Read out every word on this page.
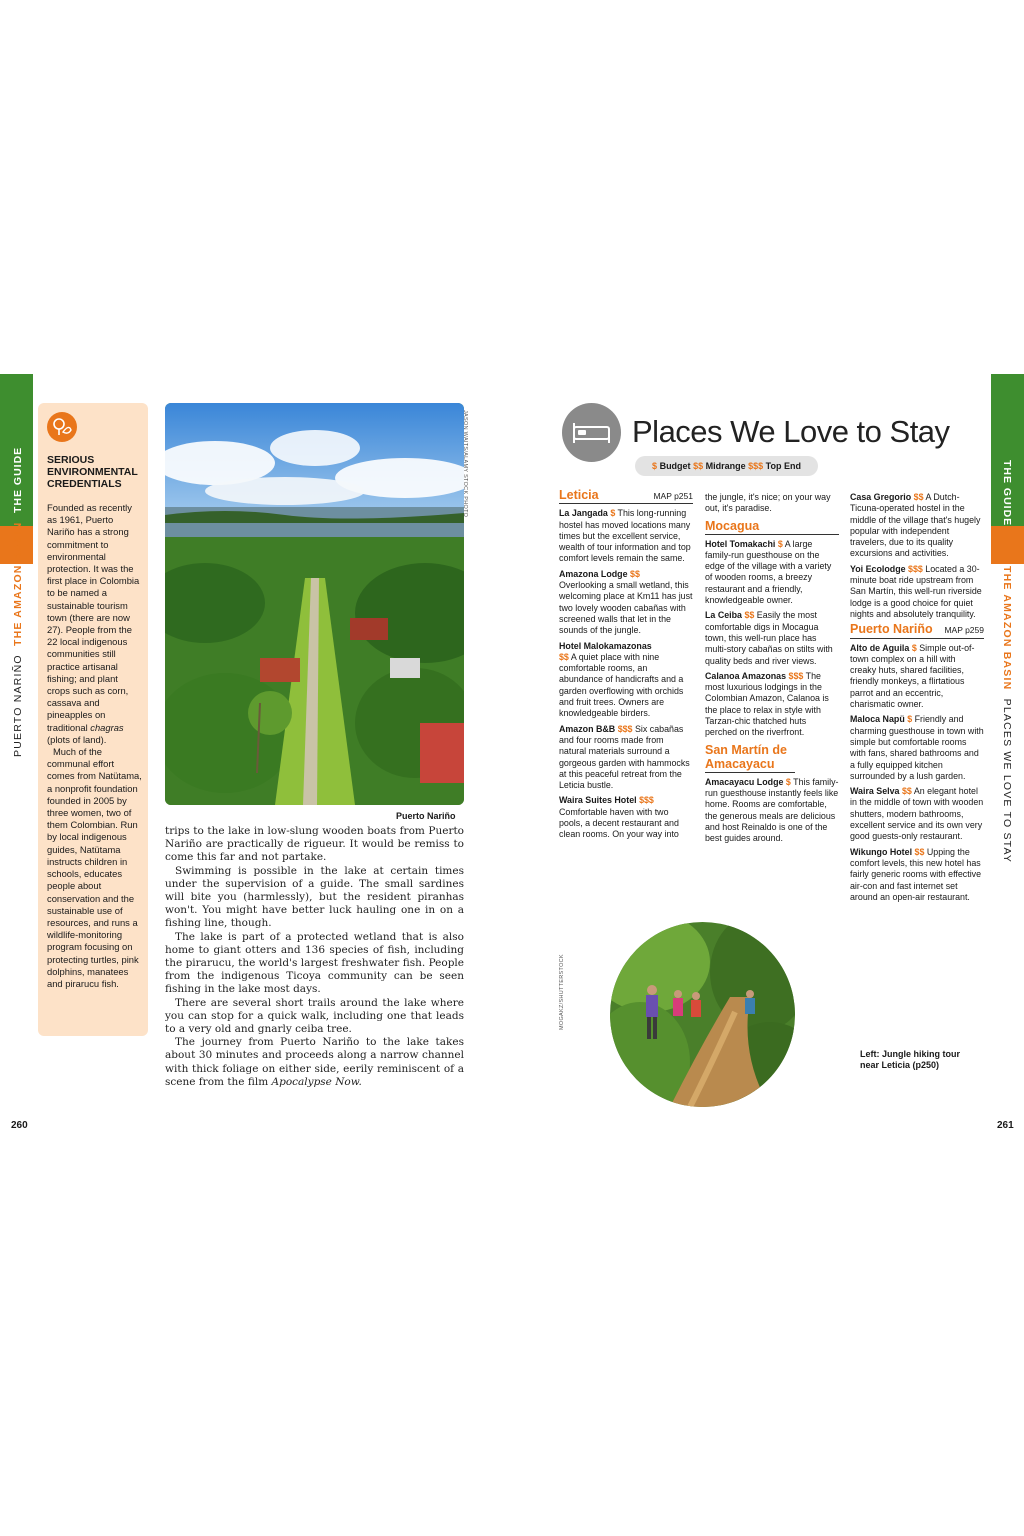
THE GUIDE
PUERTO NARIÑO  THE AMAZON BASIN
SERIOUS ENVIRONMENTAL CREDENTIALS

Founded as recently as 1961, Puerto Nariño has a strong commitment to environmental protection. It was the first place in Colombia to be named a sustainable tourism town (there are now 27). People from the 22 local indigenous communities still practice artisanal fishing; and plant crops such as corn, cassava and pineapples on traditional chagras (plots of land).

Much of the communal effort comes from Natütama, a nonprofit foundation founded in 2005 by three women, two of them Colombian. Run by local indigenous guides, Natütama instructs children in schools, educates people about conservation and the sustainable use of resources, and runs a wildlife-monitoring program focusing on protecting turtles, pink dolphins, manatees and pirarucu fish.

JASON WAITS/ALAMY STOCK PHOTO
Puerto Nariño

trips to the lake in low-slung wooden boats from Puerto Nariño are practically de rigueur. It would be remiss to come this far and not partake.

Swimming is possible in the lake at certain times under the supervision of a guide. The small sardines will bite you (harmlessly), but the resident piranhas won't. You might have better luck hauling one in on a fishing line, though.

The lake is part of a protected wetland that is also home to giant otters and 136 species of fish, including the pirarucu, the world's largest freshwater fish. People from the indigenous Ticoya community can be seen fishing in the lake most days.

There are several short trails around the lake where you can stop for a quick walk, including one that leads to a very old and gnarly ceiba tree.

The journey from Puerto Nariño to the lake takes about 30 minutes and proceeds along a narrow channel with thick foliage on either side, eerily reminiscent of a scene from the film Apocalypse Now.

260
THE GUIDE
THE AMAZON BASIN  PLACES WE LOVE TO STAY
Places We Love to Stay
$ Budget $$ Midrange $$$ Top End
Leticia	MAP p251

La Jangada $ This long-running hostel has moved locations many times but the excellent service, wealth of tour information and top comfort levels remain the same.

Amazona Lodge $$
Overlooking a small wetland, this welcoming place at Km11 has just two lovely wooden cabañas with screened walls that let in the sounds of the jungle.

Hotel Malokamazonas
$$ A quiet place with nine comfortable rooms, an abundance of handicrafts and a garden overflowing with orchids and fruit trees. Owners are knowledgeable birders.

Amazon B&B $$$ Six cabañas and four rooms made from natural materials surround a gorgeous garden with hammocks at this peaceful retreat from the Leticia bustle.

Waira Suites Hotel $$$
Comfortable haven with two pools, a decent restaurant and clean rooms. On your way into

the jungle, it's nice; on your way out, it's paradise.

Mocagua

Hotel Tomakachi $ A large family-run guesthouse on the edge of the village with a variety of wooden rooms, a breezy restaurant and a friendly, knowledgeable owner.

La Ceiba $$ Easily the most comfortable digs in Mocagua town, this well-run place has multi-story cabañas on stilts with quality beds and river views.

Calanoa Amazonas $$$ The most luxurious lodgings in the Colombian Amazon, Calanoa is the place to relax in style with Tarzan-chic thatched huts perched on the riverfront.

San Martín de Amacayacu

Amacayacu Lodge $ This family-run guesthouse instantly feels like home. Rooms are comfortable, the generous meals are delicious and host Reinaldo is one of the best guides around.

Casa Gregorio $$ A Dutch-Ticuna-operated hostel in the middle of the village that's hugely popular with independent travelers, due to its quality excursions and activities.

Yoi Ecolodge $$$ Located a 30-minute boat ride upstream from San Martín, this well-run riverside lodge is a good choice for quiet nights and absolutely tranquility.

Puerto Nariño MAP p259

Alto de Aguila $ Simple out-of-town complex on a hill with creaky huts, shared facilities, friendly monkeys, a flirtatious parrot and an eccentric, charismatic owner.

Maloca Napü $ Friendly and charming guesthouse in town with simple but comfortable rooms with fans, shared bathrooms and a fully equipped kitchen surrounded by a lush garden.

Waira Selva $$ An elegant hotel in the middle of town with wooden shutters, modern bathrooms, excellent service and its own very good guests-only restaurant.

Wikungo Hotel $$ Upping the comfort levels, this new hotel has fairly generic rooms with effective air-con and fast internet set around an open-air restaurant.

MOGAKZ/SHUTTERSTOCK
Left: Jungle hiking tour near Leticia (p250)
261
